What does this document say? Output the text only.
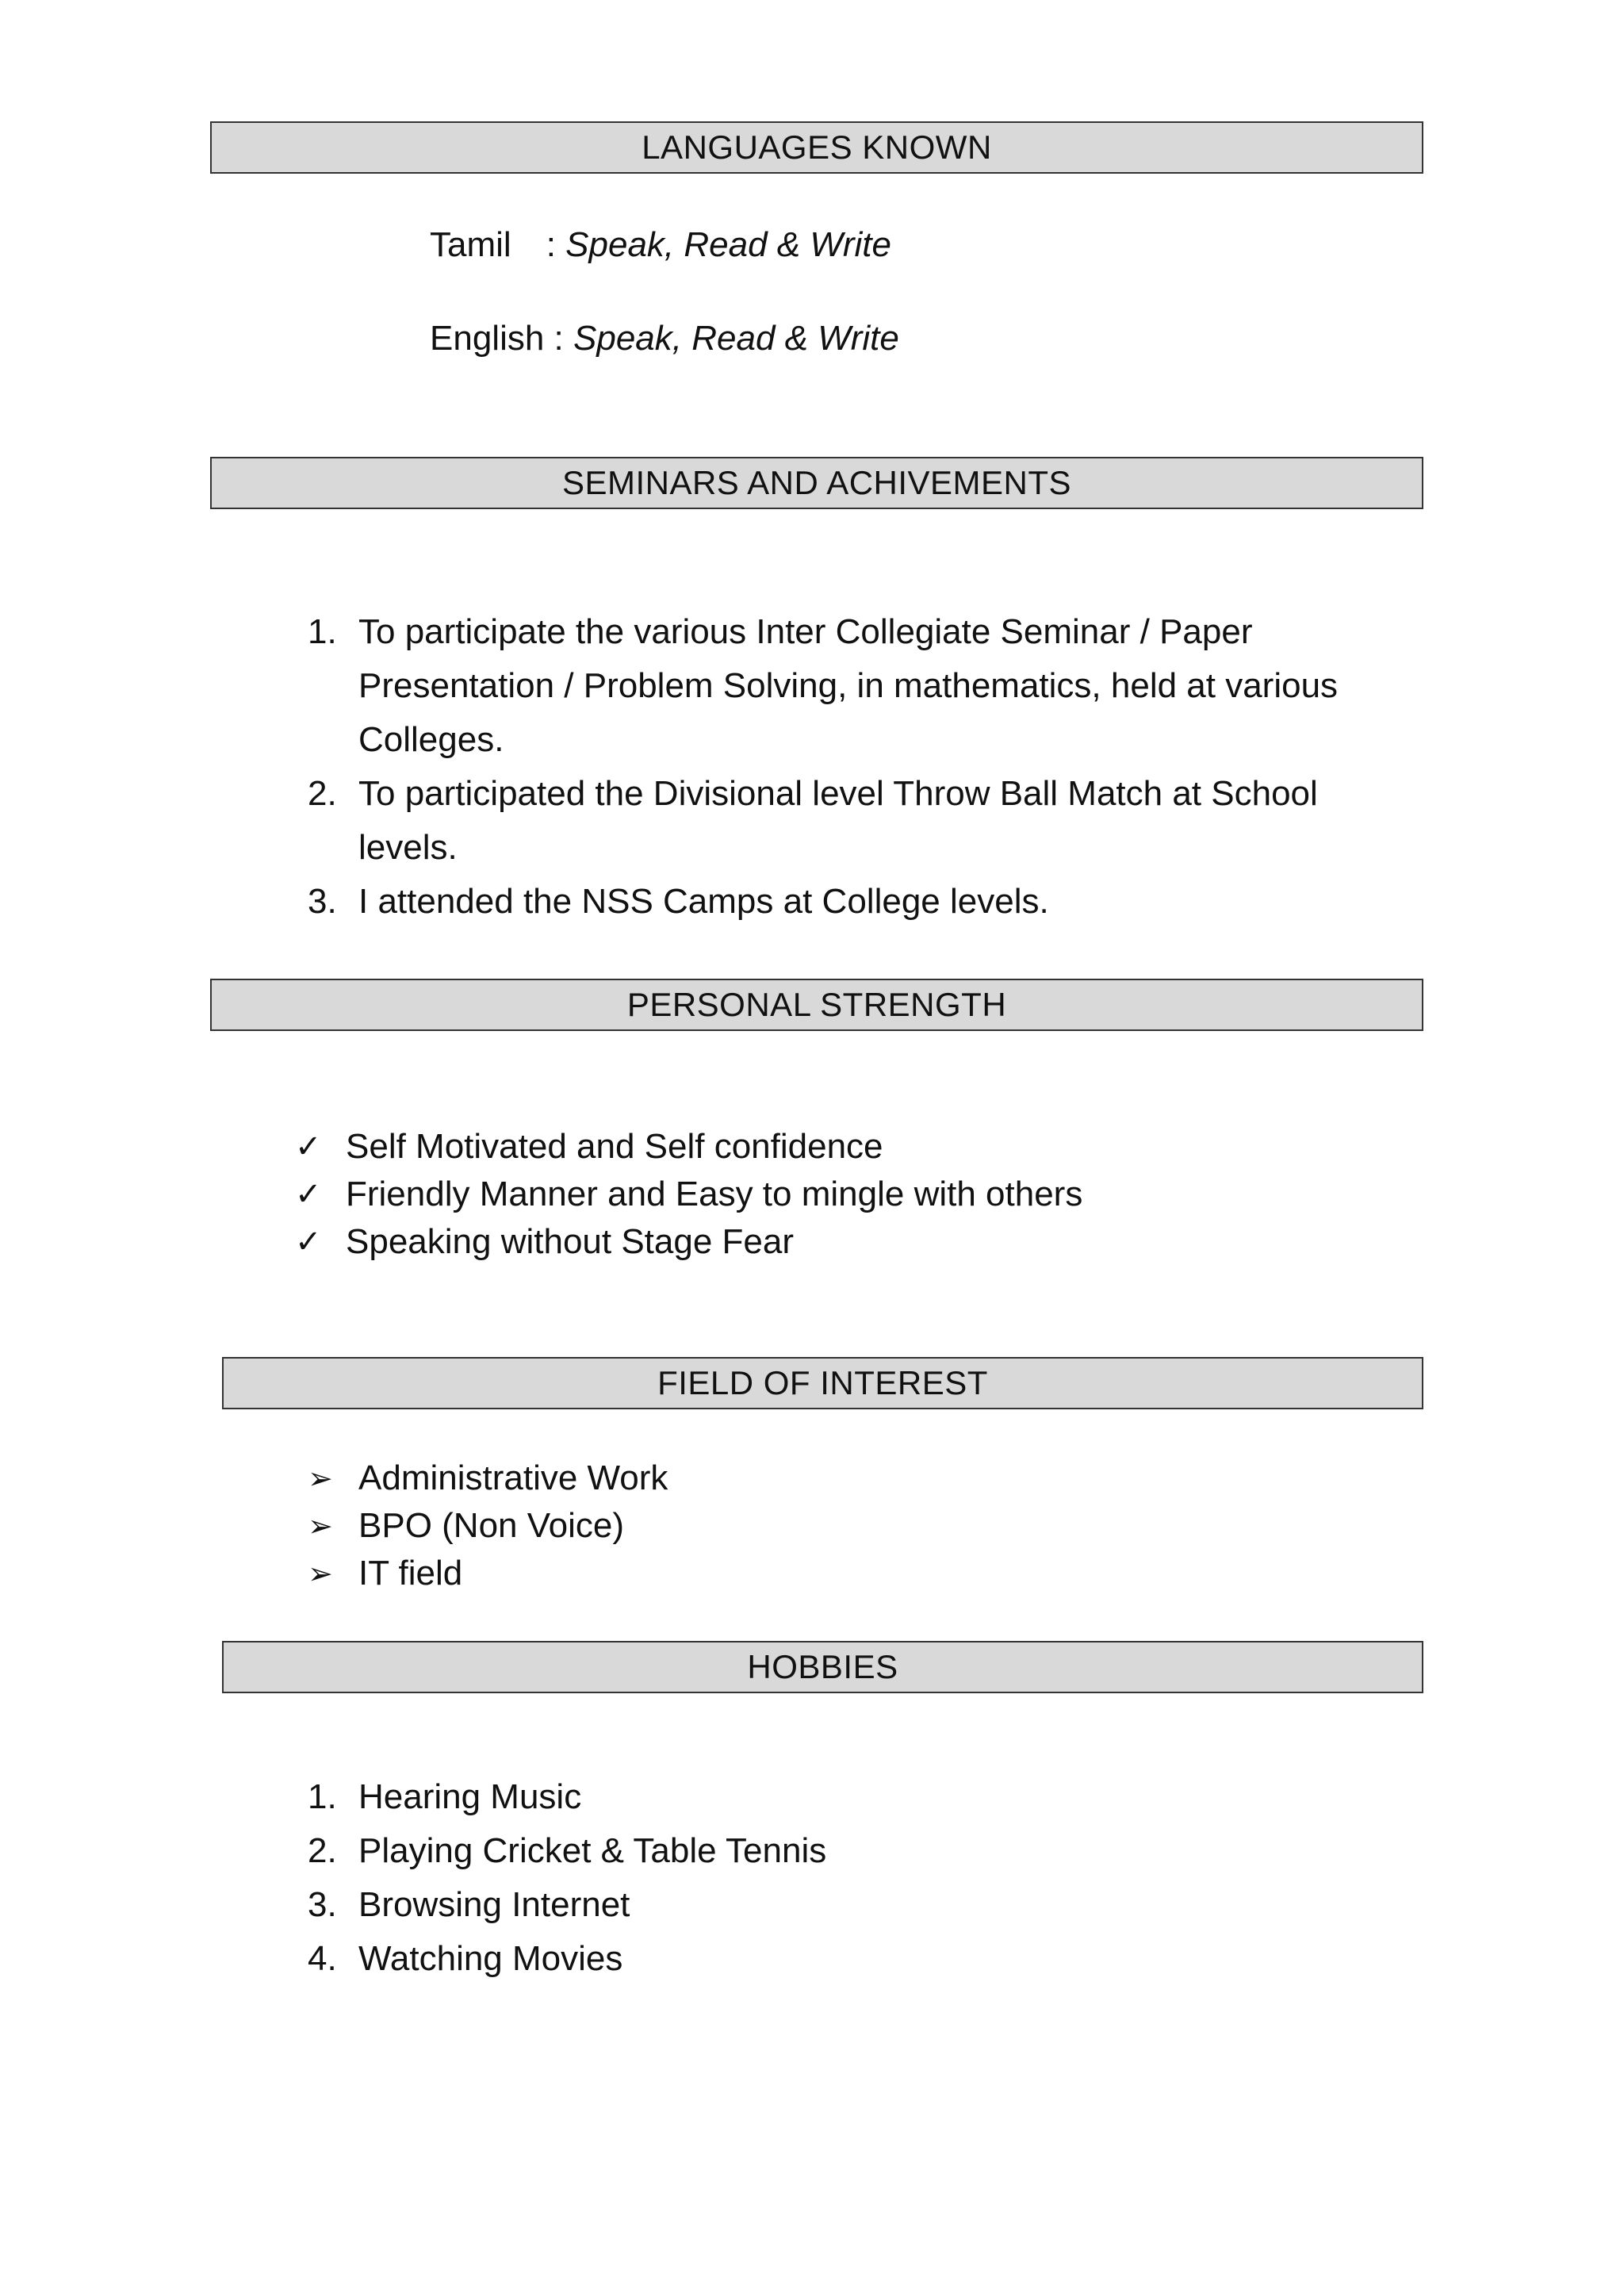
LANGUAGES KNOWN
Tamil : Speak, Read & Write
English : Speak, Read & Write
SEMINARS AND ACHIVEMENTS
1. To participate the various Inter Collegiate Seminar / Paper
Presentation / Problem Solving, in mathematics, held at various
Colleges.
2. To participated the Divisional level Throw Ball Match at School
levels.
3. I attended the NSS Camps at College levels.
PERSONAL STRENGTH
✓ Self Motivated and Self confidence
✓ Friendly Manner and Easy to mingle with others
✓ Speaking without Stage Fear
FIELD OF INTEREST
➢ Administrative Work
➢ BPO (Non Voice)
➢ IT field
HOBBIES
1. Hearing Music
2. Playing Cricket & Table Tennis
3. Browsing Internet
4. Watching Movies
